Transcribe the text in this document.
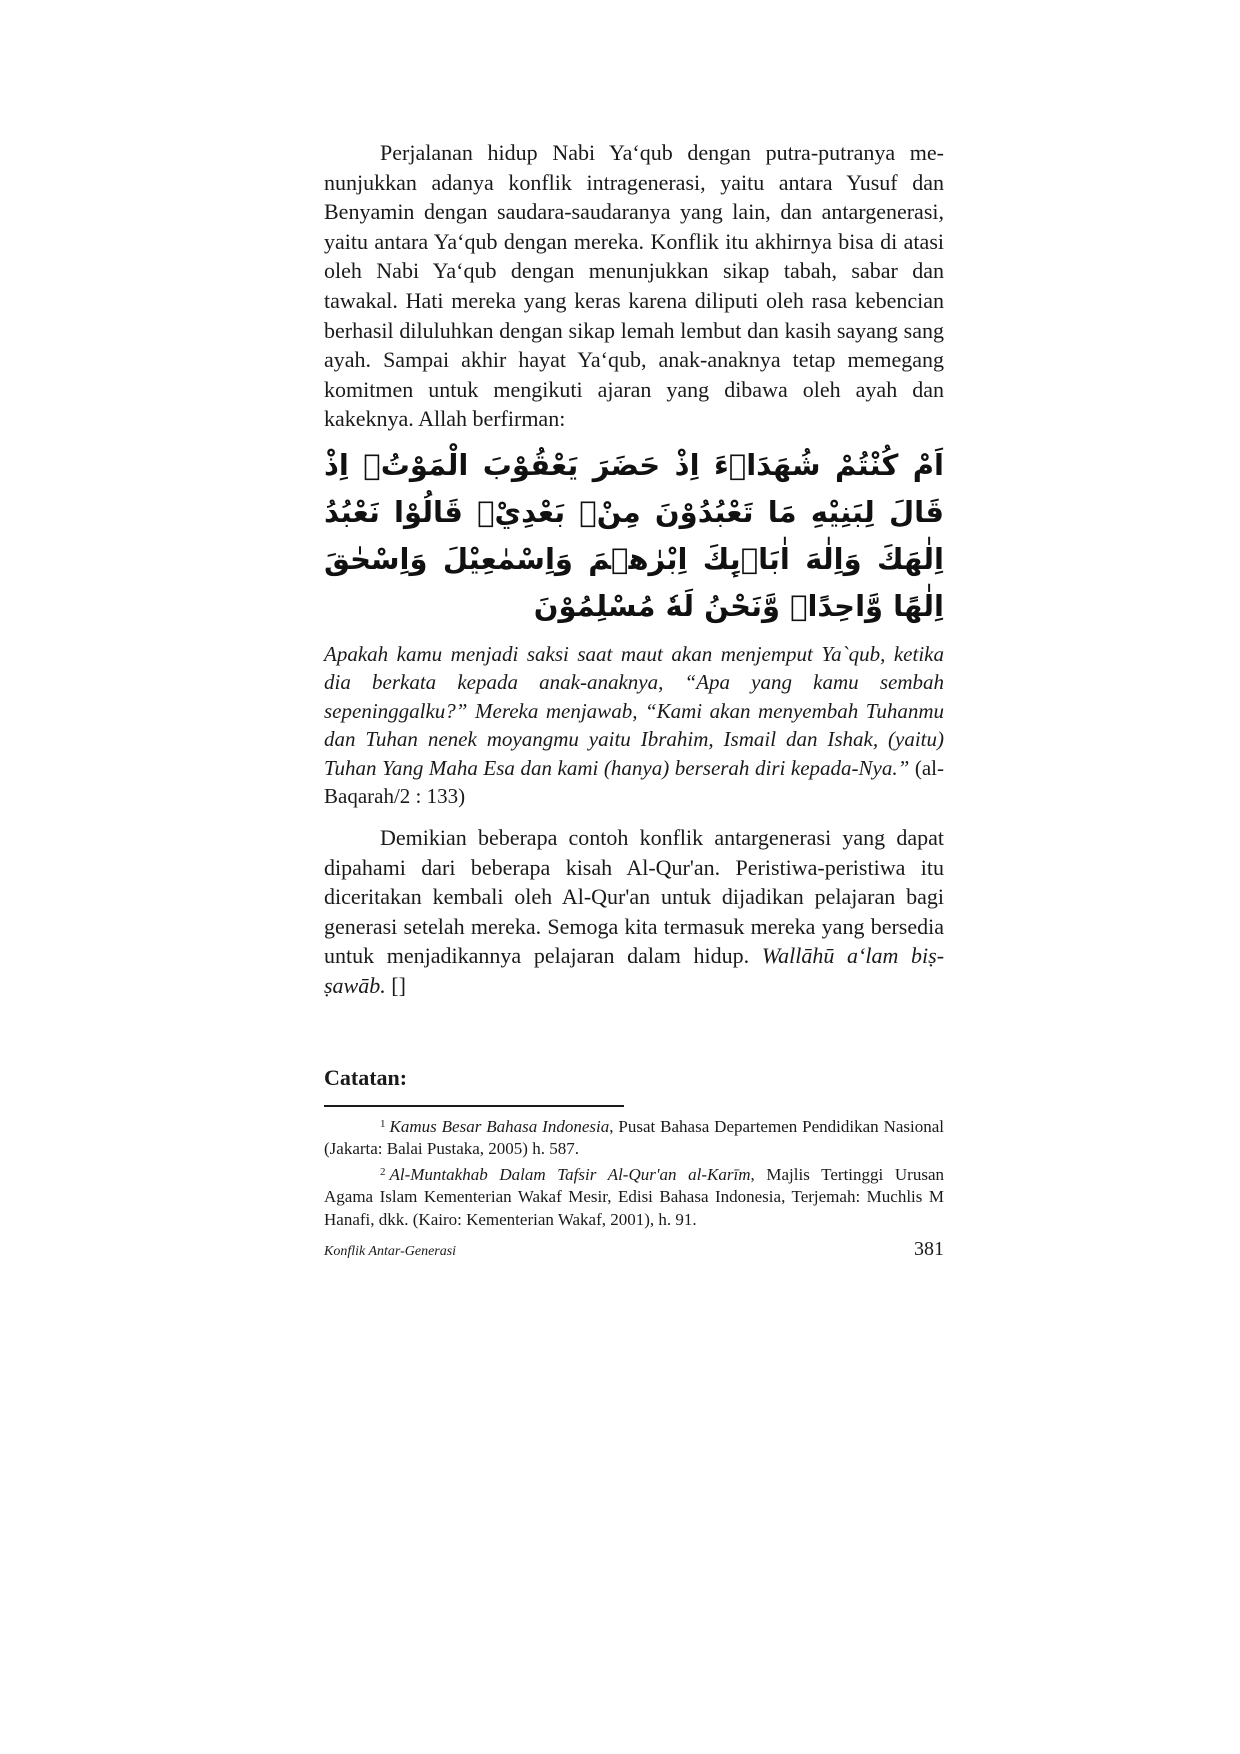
Perjalanan hidup Nabi Yaʻqub dengan putra-putranya menunjukkan adanya konflik intragenerasi, yaitu antara Yusuf dan Benyamin dengan saudara-saudaranya yang lain, dan antargenerasi, yaitu antara Yaʻqub dengan mereka. Konflik itu akhirnya bisa di atasi oleh Nabi Yaʻqub dengan menunjukkan sikap tabah, sabar dan tawakal. Hati mereka yang keras karena diliputi oleh rasa kebencian berhasil diluluhkan dengan sikap lemah lembut dan kasih sayang sang ayah. Sampai akhir hayat Yaʻqub, anak-anaknya tetap memegang komitmen untuk mengikuti ajaran yang dibawa oleh ayah dan kakeknya. Allah berfirman:

اَمْ كُنْتُمْ شُهَدَاۤءَ اِذْ حَضَرَ يَعْقُوْبَ الْمَوْتُۙ اِذْ قَالَ لِبَنِيْهِ مَا تَعْبُدُوْنَ مِنْۢ بَعْدِيْۗ قَالُوْا نَعْبُدُ اِلٰهَكَ وَاِلٰهَ اٰبَاۤىِٕكَ اِبْرٰهٖمَ وَاِسْمٰعِيْلَ وَاِسْحٰقَ اِلٰهًا وَّاحِدًاۚ وَّنَحْنُ لَهٗ مُسْلِمُوْنَ

Apakah kamu menjadi saksi saat maut akan menjemput Ya`qub, ketika dia berkata kepada anak-anaknya, “Apa yang kamu sembah sepeninggalku?” Mereka menjawab, “Kami akan menyembah Tuhanmu dan Tuhan nenek moyangmu yaitu Ibrahim, Ismail dan Ishak, (yaitu) Tuhan Yang Maha Esa dan kami (hanya) berserah diri kepada-Nya.” (al-Baqarah/2 : 133)

Demikian beberapa contoh konflik antargenerasi yang dapat dipahami dari beberapa kisah Al-Qur'an. Peristiwa-peristiwa itu diceritakan kembali oleh Al-Qur'an untuk dijadikan pelajaran bagi generasi setelah mereka. Semoga kita termasuk mereka yang bersedia untuk menjadikannya pelajaran dalam hidup. Wallāhū aʻlam biṣ-ṣawāb. []

Catatan:

$^1$ Kamus Besar Bahasa Indonesia, Pusat Bahasa Departemen Pendidikan Nasional (Jakarta: Balai Pustaka, 2005) h. 587.

$^2$ Al-Muntakhab Dalam Tafsir Al-Qur'an al-Karīm, Majlis Tertinggi Urusan Agama Islam Kementerian Wakaf Mesir, Edisi Bahasa Indonesia, Terjemah: Muchlis M Hanafi, dkk. (Kairo: Kementerian Wakaf, 2001), h. 91.

Konflik Antar-Generasi	381
